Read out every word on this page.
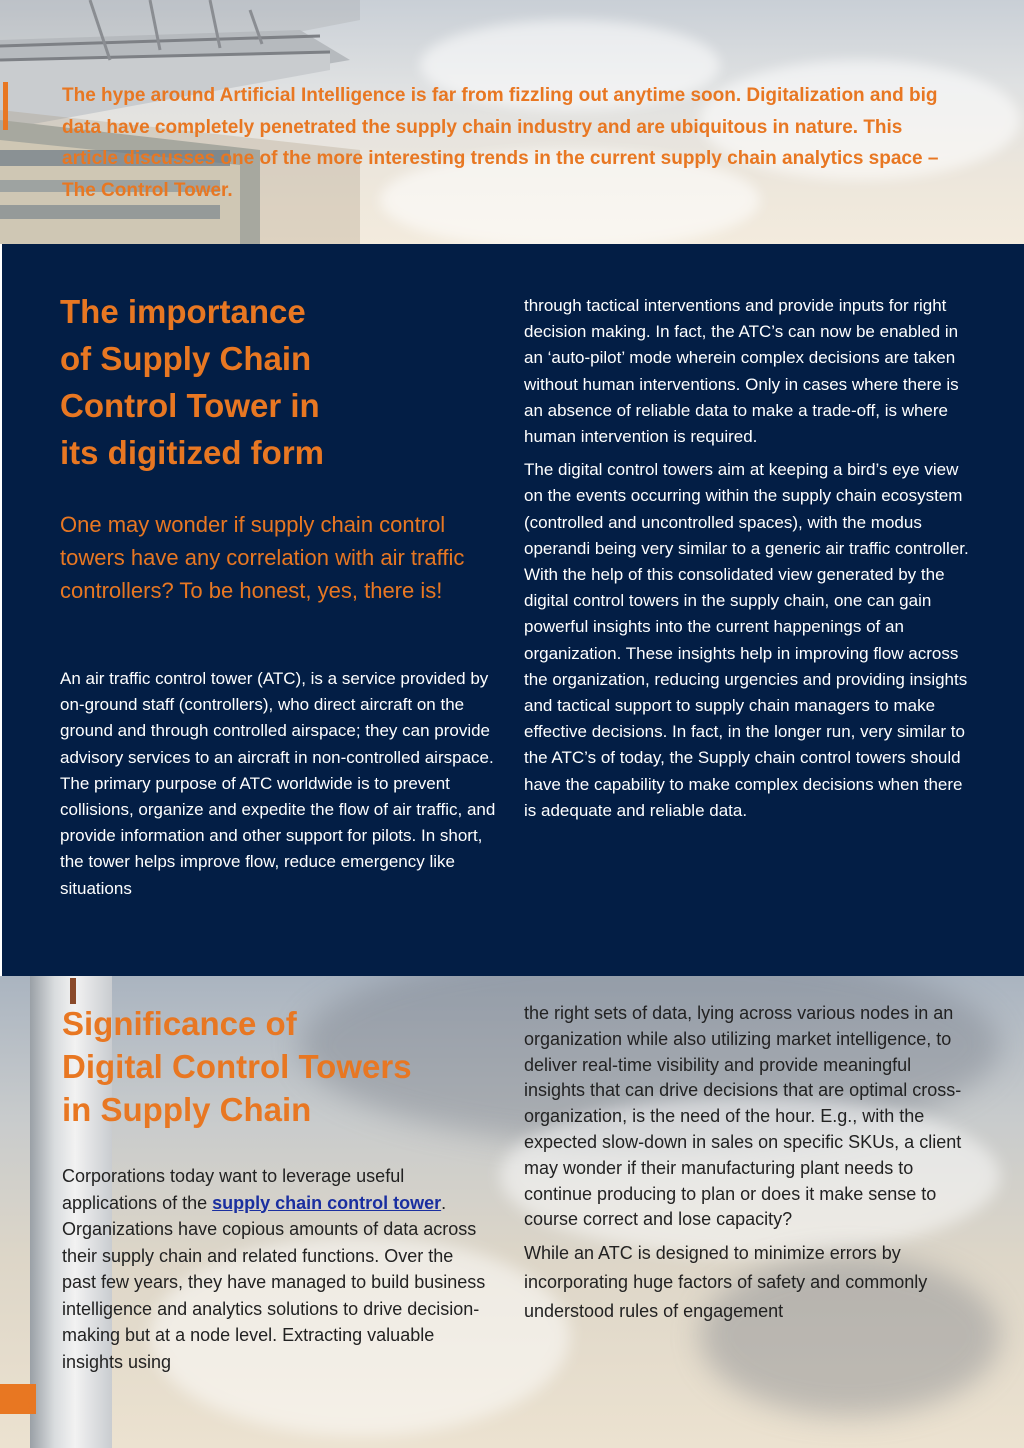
The hype around Artificial Intelligence is far from fizzling out anytime soon. Digitalization and big data have completely penetrated the supply chain industry and are ubiquitous in nature. This article discusses one of the more interesting trends in the current supply chain analytics space – The Control Tower.

The importance
of Supply Chain
Control Tower in
its digitized form

One may wonder if supply chain control towers have any correlation with air traffic controllers? To be honest, yes, there is!

An air traffic control tower (ATC), is a service provided by on-ground staff (controllers), who direct aircraft on the ground and through controlled airspace; they can provide advisory services to an aircraft in non-controlled airspace. The primary purpose of ATC worldwide is to prevent collisions, organize and expedite the flow of air traffic, and provide information and other support for pilots. In short, the tower helps improve flow, reduce emergency like situations

through tactical interventions and provide inputs for right decision making. In fact, the ATC’s can now be enabled in an ‘auto-pilot’ mode wherein complex decisions are taken without human interventions. Only in cases where there is an absence of reliable data to make a trade-off, is where human intervention is required.

The digital control towers aim at keeping a bird’s eye view on the events occurring within the supply chain ecosystem (controlled and uncontrolled spaces), with the modus operandi being very similar to a generic air traffic controller. With the help of this consolidated view generated by the digital control towers in the supply chain, one can gain powerful insights into the current happenings of an organization. These insights help in improving flow across the organization, reducing urgencies and providing insights and tactical support to supply chain managers to make effective decisions. In fact, in the longer run, very similar to the ATC’s of today, the Supply chain control towers should have the capability to make complex decisions when there is adequate and reliable data.

Significance of
Digital Control Towers
in Supply Chain

Corporations today want to leverage useful applications of the supply chain control tower. Organizations have copious amounts of data across their supply chain and related functions. Over the past few years, they have managed to build business intelligence and analytics solutions to drive decision-making but at a node level. Extracting valuable insights using

the right sets of data, lying across various nodes in an organization while also utilizing market intelligence, to deliver real-time visibility and provide meaningful insights that can drive decisions that are optimal cross-organization, is the need of the hour. E.g., with the expected slow-down in sales on specific SKUs, a client may wonder if their manufacturing plant needs to continue producing to plan or does it make sense to course correct and lose capacity?

While an ATC is designed to minimize errors by incorporating huge factors of safety and commonly understood rules of engagement

2
